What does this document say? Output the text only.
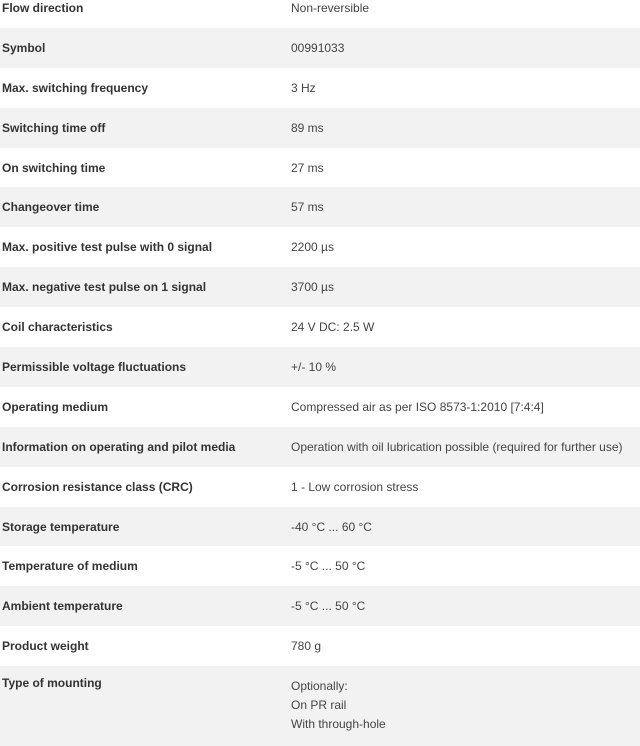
Flow direction	Non-reversible
Symbol	00991033
Max. switching frequency	3 Hz
Switching time off	89 ms
On switching time	27 ms
Changeover time	57 ms
Max. positive test pulse with 0 signal	2200 µs
Max. negative test pulse on 1 signal	3700 µs
Coil characteristics	24 V DC: 2.5 W
Permissible voltage fluctuations	+/- 10 %
Operating medium	Compressed air as per ISO 8573-1:2010 [7:4:4]
Information on operating and pilot media	Operation with oil lubrication possible (required for further use)
Corrosion resistance class (CRC)	1 - Low corrosion stress
Storage temperature	-40 °C ... 60 °C
Temperature of medium	-5 °C ... 50 °C
Ambient temperature	-5 °C ... 50 °C
Product weight	780 g
Type of mounting	Optionally:
On PR rail
With through-hole
